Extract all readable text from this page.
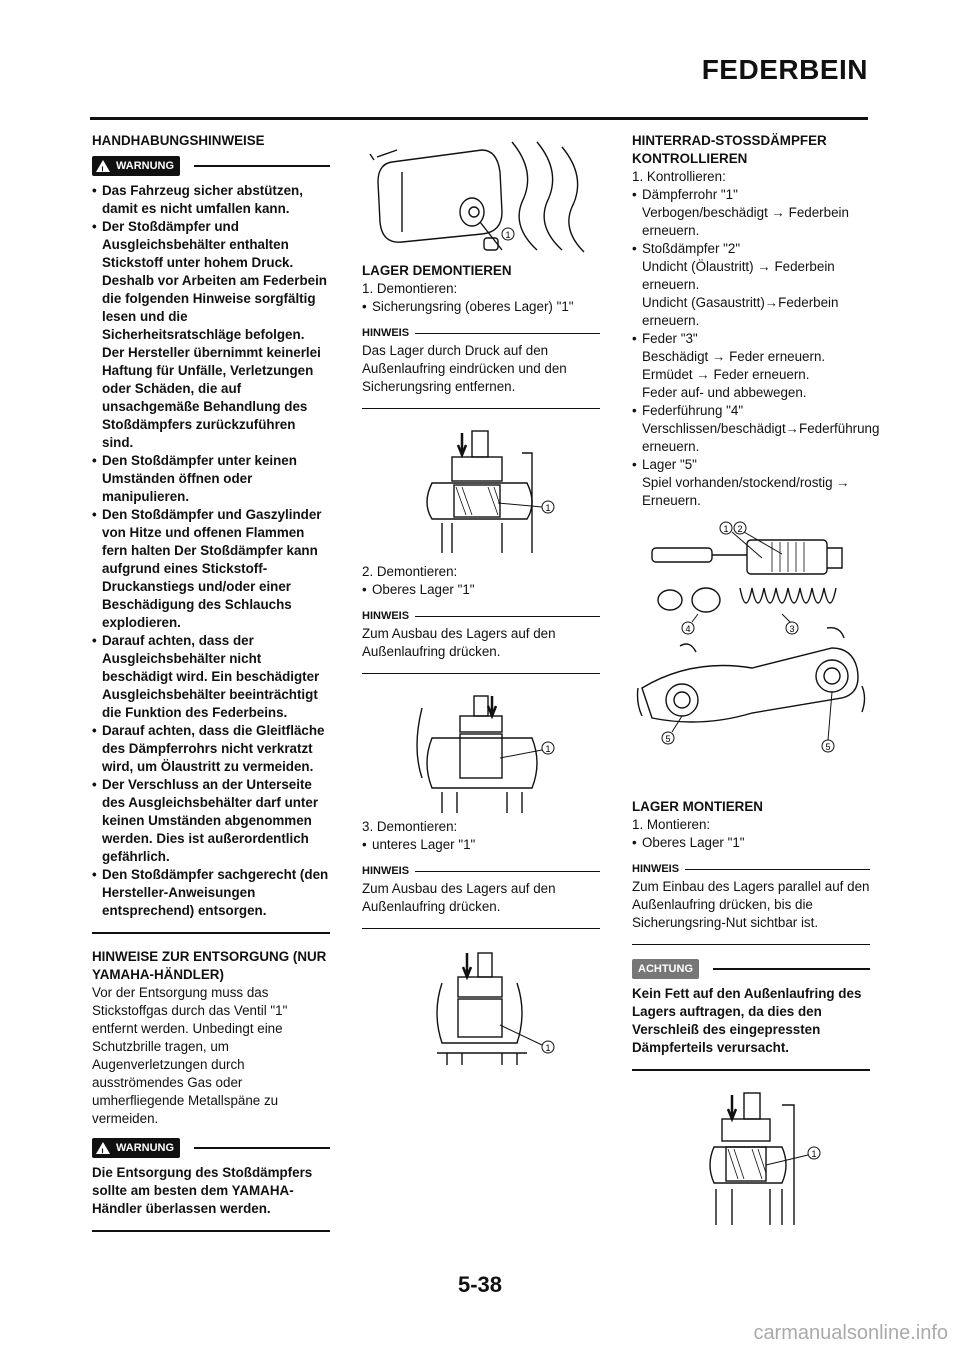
FEDERBEIN

HANDHABUNGSHINWEISE

! WARNUNG
• Das Fahrzeug sicher abstützen, damit es nicht umfallen kann.
• Der Stoßdämpfer und Ausgleichsbehälter enthalten Stickstoff unter hohem Druck. Deshalb vor Arbeiten am Federbein die folgenden Hinweise sorgfältig lesen und die Sicherheitsratschläge befolgen. Der Hersteller übernimmt keinerlei Haftung für Unfälle, Verletzungen oder Schäden, die auf unsachgemäße Behandlung des Stoßdämpfers zurückzuführen sind.
• Den Stoßdämpfer unter keinen Umständen öffnen oder manipulieren.
• Den Stoßdämpfer und Gaszylinder von Hitze und offenen Flammen fern halten Der Stoßdämpfer kann aufgrund eines Stickstoff-Druckanstiegs und/oder einer Beschädigung des Schlauchs explodieren.
• Darauf achten, dass der Ausgleichsbehälter nicht beschädigt wird. Ein beschädigter Ausgleichsbehälter beeinträchtigt die Funktion des Federbeins.
• Darauf achten, dass die Gleitfläche des Dämpferrohrs nicht verkratzt wird, um Ölaustritt zu vermeiden.
• Der Verschluss an der Unterseite des Ausgleichsbehälter darf unter keinen Umständen abgenommen werden. Dies ist außerordentlich gefährlich.
• Den Stoßdämpfer sachgerecht (den Hersteller-Anweisungen entsprechend) entsorgen.

HINWEISE ZUR ENTSORGUNG (NUR YAMAHA-HÄNDLER)

Vor der Entsorgung muss das Stickstoffgas durch das Ventil "1" entfernt werden. Unbedingt eine Schutzbrille tragen, um Augenverletzungen durch ausströmendes Gas oder umherfliegende Metallspäne zu vermeiden.

! WARNUNG

Die Entsorgung des Stoßdämpfers sollte am besten dem YAMAHA-Händler überlassen werden.

1

LAGER DEMONTIEREN

1. Demontieren:

• Sicherungsring (oberes Lager) "1"
HINWEIS

Das Lager durch Druck auf den Außenlaufring eindrücken und den Sicherungsring entfernen.

1

2. Demontieren:

• Oberes Lager "1"
HINWEIS

Zum Ausbau des Lagers auf den Außenlaufring drücken.

1

3. Demontieren:

• unteres Lager "1"
HINWEIS

Zum Ausbau des Lagers auf den Außenlaufring drücken.

1

HINTERRAD-STOSSDÄMPFER KONTROLLIEREN

1. Kontrollieren:

• Dämpferrohr "1"
Verbogen/beschädigt → Federbein erneuern.
• Stoßdämpfer "2"
Undicht (Ölaustritt) → Federbein erneuern.
Undicht (Gasaustritt)→Federbein erneuern.
• Feder "3"
Beschädigt → Feder erneuern.
Ermüdet → Feder erneuern.
Feder auf- und abbewegen.
• Federführung "4"
Verschlissen/beschädigt→Federführung erneuern.
• Lager "5"
Spiel vorhanden/stockend/rostig → Erneuern.
1 2
3
4
5
5

LAGER MONTIEREN

1. Montieren:

• Oberes Lager "1"
HINWEIS

Zum Einbau des Lagers parallel auf den Außenlaufring drücken, bis die Sicherungsring-Nut sichtbar ist.

ACHTUNG

Kein Fett auf den Außenlaufring des Lagers auftragen, da dies den Verschleiß des eingepressten Dämpferteils verursacht.

1
5-38
carmanualsonline.info
